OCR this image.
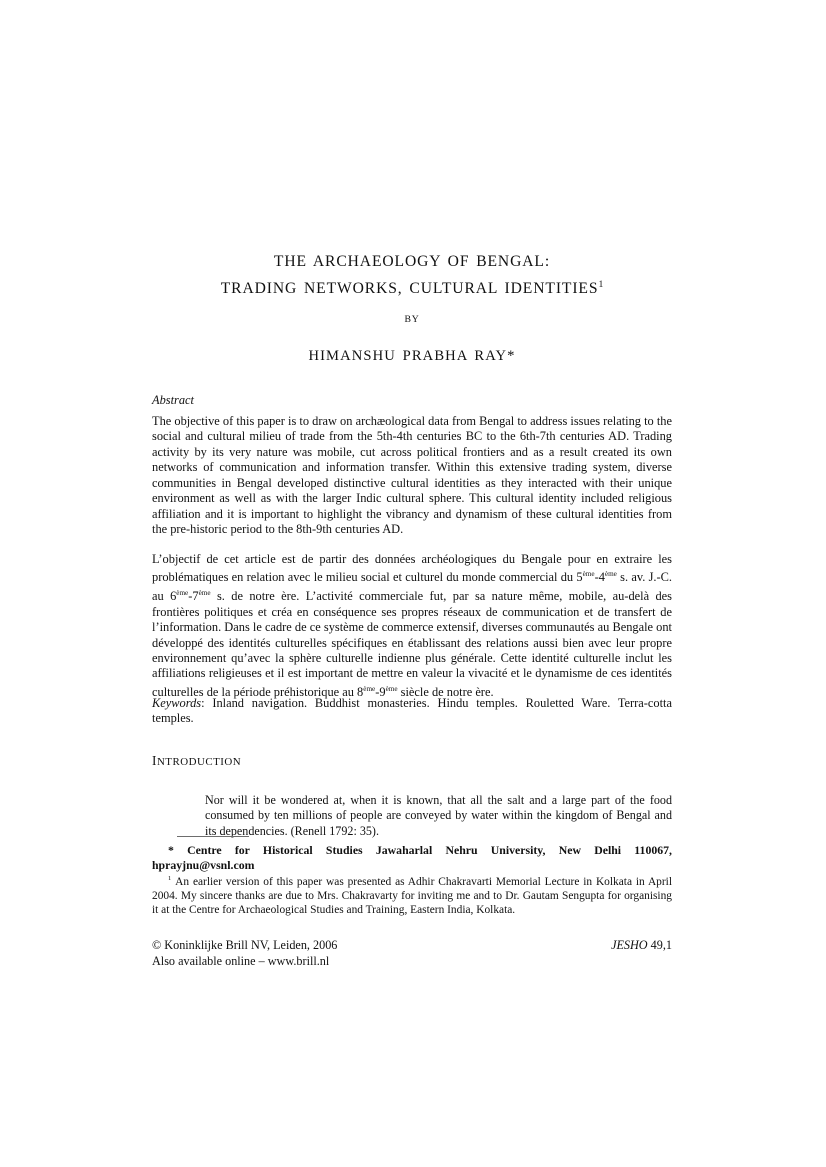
THE ARCHAEOLOGY OF BENGAL:
TRADING NETWORKS, CULTURAL IDENTITIES$^1$
BY
HIMANSHU PRABHA RAY*
Abstract

The objective of this paper is to draw on archæological data from Bengal to address issues relating to the social and cultural milieu of trade from the 5th-4th centuries BC to the 6th-7th centuries AD. Trading activity by its very nature was mobile, cut across political frontiers and as a result created its own networks of communication and information transfer. Within this extensive trading system, diverse communities in Bengal developed distinctive cultural identities as they interacted with their unique environment as well as with the larger Indic cultural sphere. This cultural identity included religious affiliation and it is important to highlight the vibrancy and dynamism of these cultural identities from the pre-historic period to the 8th-9th centuries AD.

L’objectif de cet article est de partir des données archéologiques du Bengale pour en extraire les problématiques en relation avec le milieu social et culturel du monde commercial du 5ème-4ème s. av. J.-C. au 6ème-7ème s. de notre ère. L’activité commerciale fut, par sa nature même, mobile, au-delà des frontières politiques et créa en conséquence ses propres réseaux de communication et de transfert de l’information. Dans le cadre de ce système de commerce extensif, diverses communautés au Bengale ont développé des identités culturelles spécifiques en établissant des relations aussi bien avec leur propre environnement qu’avec la sphère culturelle indienne plus générale. Cette identité culturelle inclut les affiliations religieuses et il est important de mettre en valeur la vivacité et le dynamisme de ces identités culturelles de la période préhistorique au 8ème-9ème siècle de notre ère.

Keywords: Inland navigation. Buddhist monasteries. Hindu temples. Rouletted Ware. Terra-cotta temples.

INTRODUCTION

Nor will it be wondered at, when it is known, that all the salt and a large part of the food consumed by ten millions of people are conveyed by water within the kingdom of Bengal and its dependencies. (Renell 1792: 35).

* Centre for Historical Studies Jawaharlal Nehru University, New Delhi 110067, hprayjnu@vsnl.com

$^1$ An earlier version of this paper was presented as Adhir Chakravarti Memorial Lecture in Kolkata in April 2004. My sincere thanks are due to Mrs. Chakravarty for inviting me and to Dr. Gautam Sengupta for organising it at the Centre for Archaeological Studies and Training, Eastern India, Kolkata.

© Koninklijke Brill NV, Leiden, 2006	JESHO 49,1
Also available online – www.brill.nl
